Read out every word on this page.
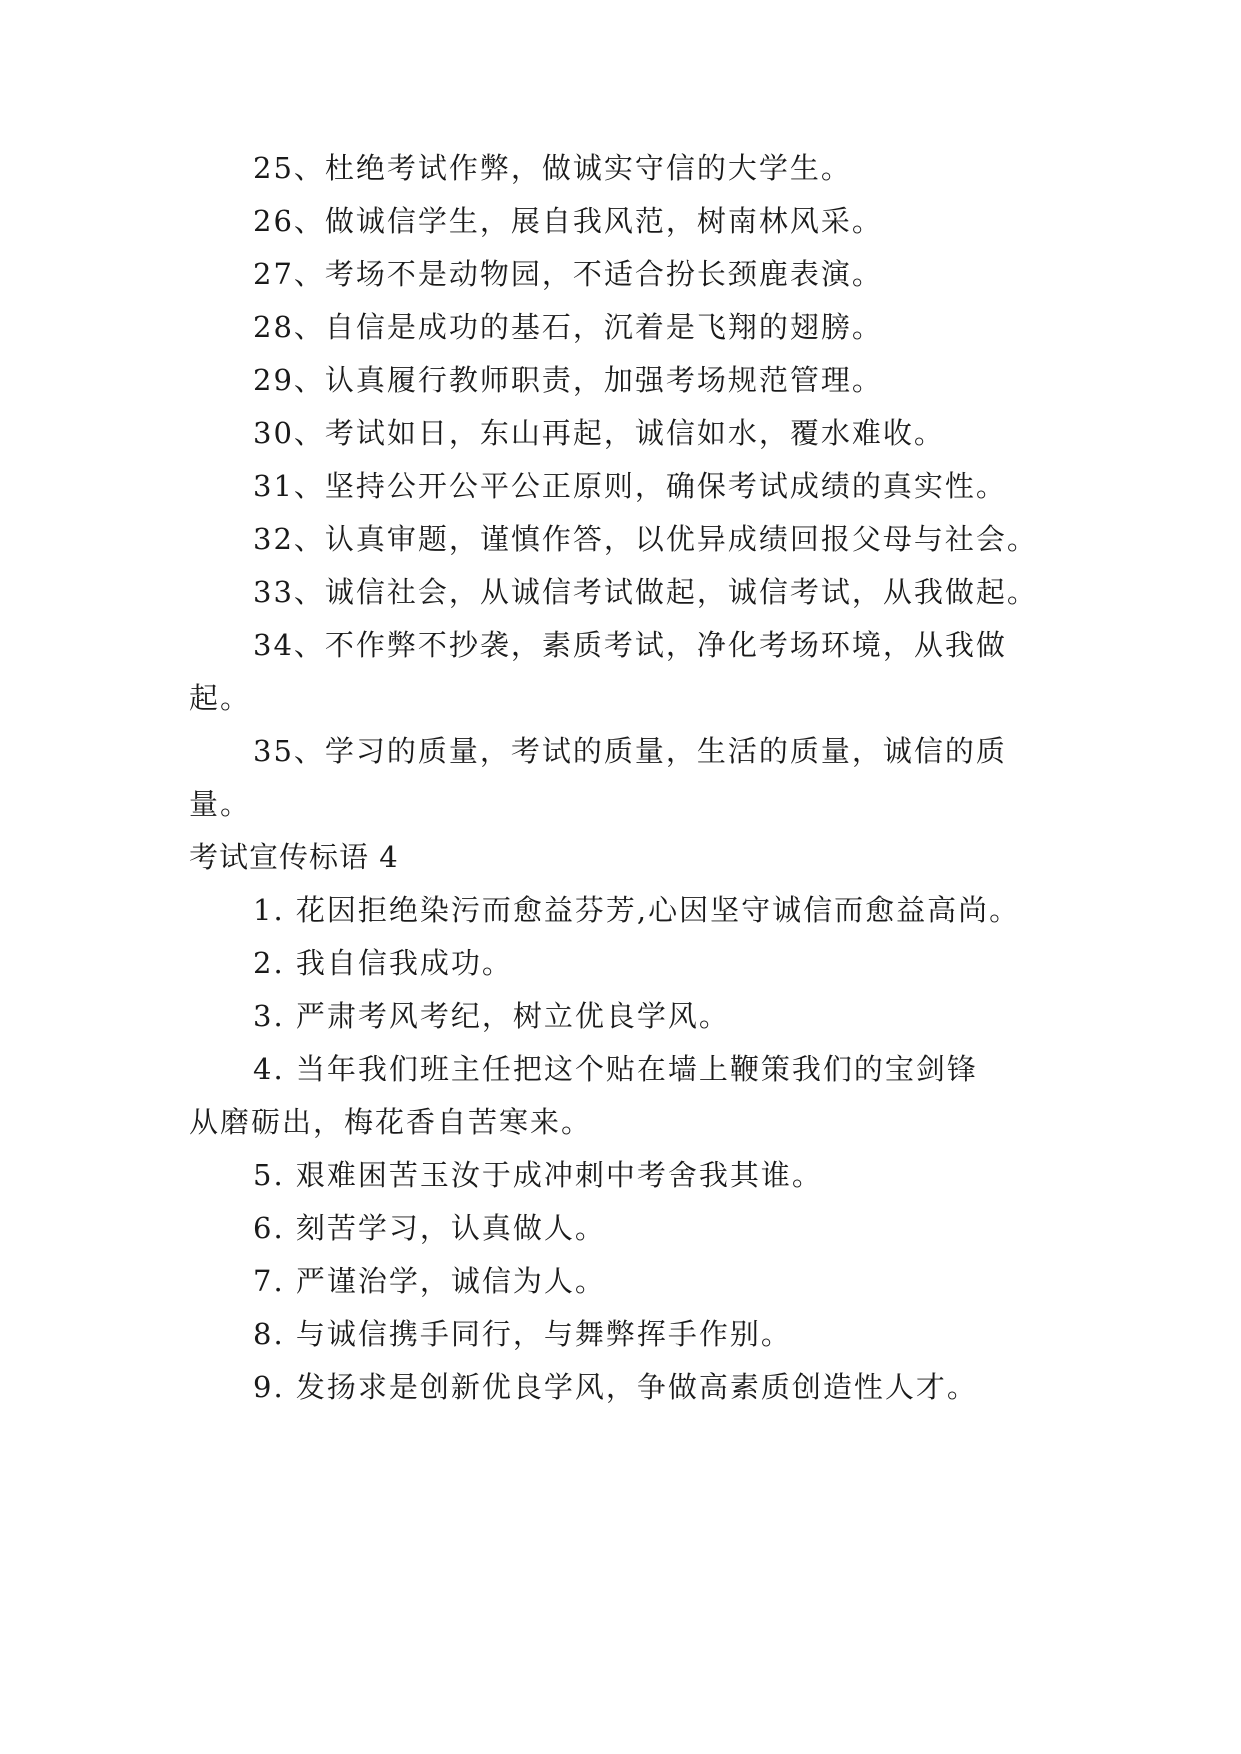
25、杜绝考试作弊，做诚实守信的大学生。
26、做诚信学生，展自我风范，树南林风采。
27、考场不是动物园，不适合扮长颈鹿表演。
28、自信是成功的基石，沉着是飞翔的翅膀。
29、认真履行教师职责，加强考场规范管理。
30、考试如日，东山再起，诚信如水，覆水难收。
31、坚持公开公平公正原则，确保考试成绩的真实性。
32、认真审题，谨慎作答，以优异成绩回报父母与社会。
33、诚信社会，从诚信考试做起，诚信考试，从我做起。
34、不作弊不抄袭，素质考试，净化考场环境，从我做
起。
35、学习的质量，考试的质量，生活的质量，诚信的质
量。
考试宣传标语 4
1. 花因拒绝染污而愈益芬芳,心因坚守诚信而愈益高尚。
2. 我自信我成功。
3. 严肃考风考纪，树立优良学风。
4. 当年我们班主任把这个贴在墙上鞭策我们的宝剑锋
从磨砺出，梅花香自苦寒来。
5. 艰难困苦玉汝于成冲刺中考舍我其谁。
6. 刻苦学习，认真做人。
7. 严谨治学，诚信为人。
8. 与诚信携手同行，与舞弊挥手作别。
9. 发扬求是创新优良学风，争做高素质创造性人才。
